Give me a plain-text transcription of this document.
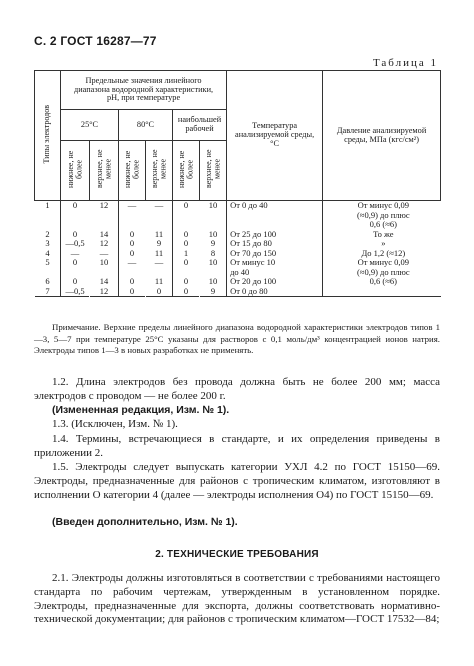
С. 2 ГОСТ 16287—77
Таблица 1
Типы электродов	Предельные значения линейного диапазона водородной характеристики, рН, при температуре						Температура анализируемой среды, °С	Давление анализируемой среды, МПа (кгс/см²)
	25°С		80°С		наибольшей рабочей			
	нижнее, не более	верхнее, не менее	нижнее, не более	верхнее, не менее	нижнее, не более	верхнее, не менее		
1	0	12	—	—	0	10	От 0 до 40	От минус 0,09
								(≈0,9) до плюс
								0,6 (≈6)
2	0	14	0	11	0	10	От 25 до 100	То же
3	—0,5	12	0	9	0	9	От 15 до 80	»
4	—	—	0	11	1	8	От 70 до 150	До 1,2 (≈12)
5	0	10	—	—	0	10	От минус 10	От минус 0,09
							до 40	(≈0,9) до плюс
6	0	14	0	11	0	10	От 20 до 100	0,6 (≈6)
7	—0,5	12	0	0	0	9	От 0 до 80	
Примечание. Верхние пределы линейного диапазона водородной характеристики электродов типов 1—3, 5—7 при температуре 25°С указаны для растворов с 0,1 моль/дм³ концентрацией ионов натрия. Электроды типов 1—3 в новых разработках не применять.
1.2. Длина электродов без провода должна быть не более 200 мм; масса электродов с проводом — не более 200 г.
(Измененная редакция, Изм. № 1).
1.3. (Исключен, Изм. № 1).
1.4. Термины, встречающиеся в стандарте, и их определения приведены в приложении 2.
1.5. Электроды следует выпускать категории УХЛ 4.2 по ГОСТ 15150—69. Электроды, предназначенные для районов с тропическим климатом, изготовляют в исполнении О категории 4 (далее — электроды исполнения О4) по ГОСТ 15150—69.
(Введен дополнительно, Изм. № 1).
2. ТЕХНИЧЕСКИЕ ТРЕБОВАНИЯ
2.1. Электроды должны изготовляться в соответствии с требованиями настоящего стандарта по рабочим чертежам, утвержденным в установленном порядке. Электроды, предназначенные для экспорта, должны соответствовать нормативно-технической документации; для районов с тропическим климатом—ГОСТ 17532—84;
